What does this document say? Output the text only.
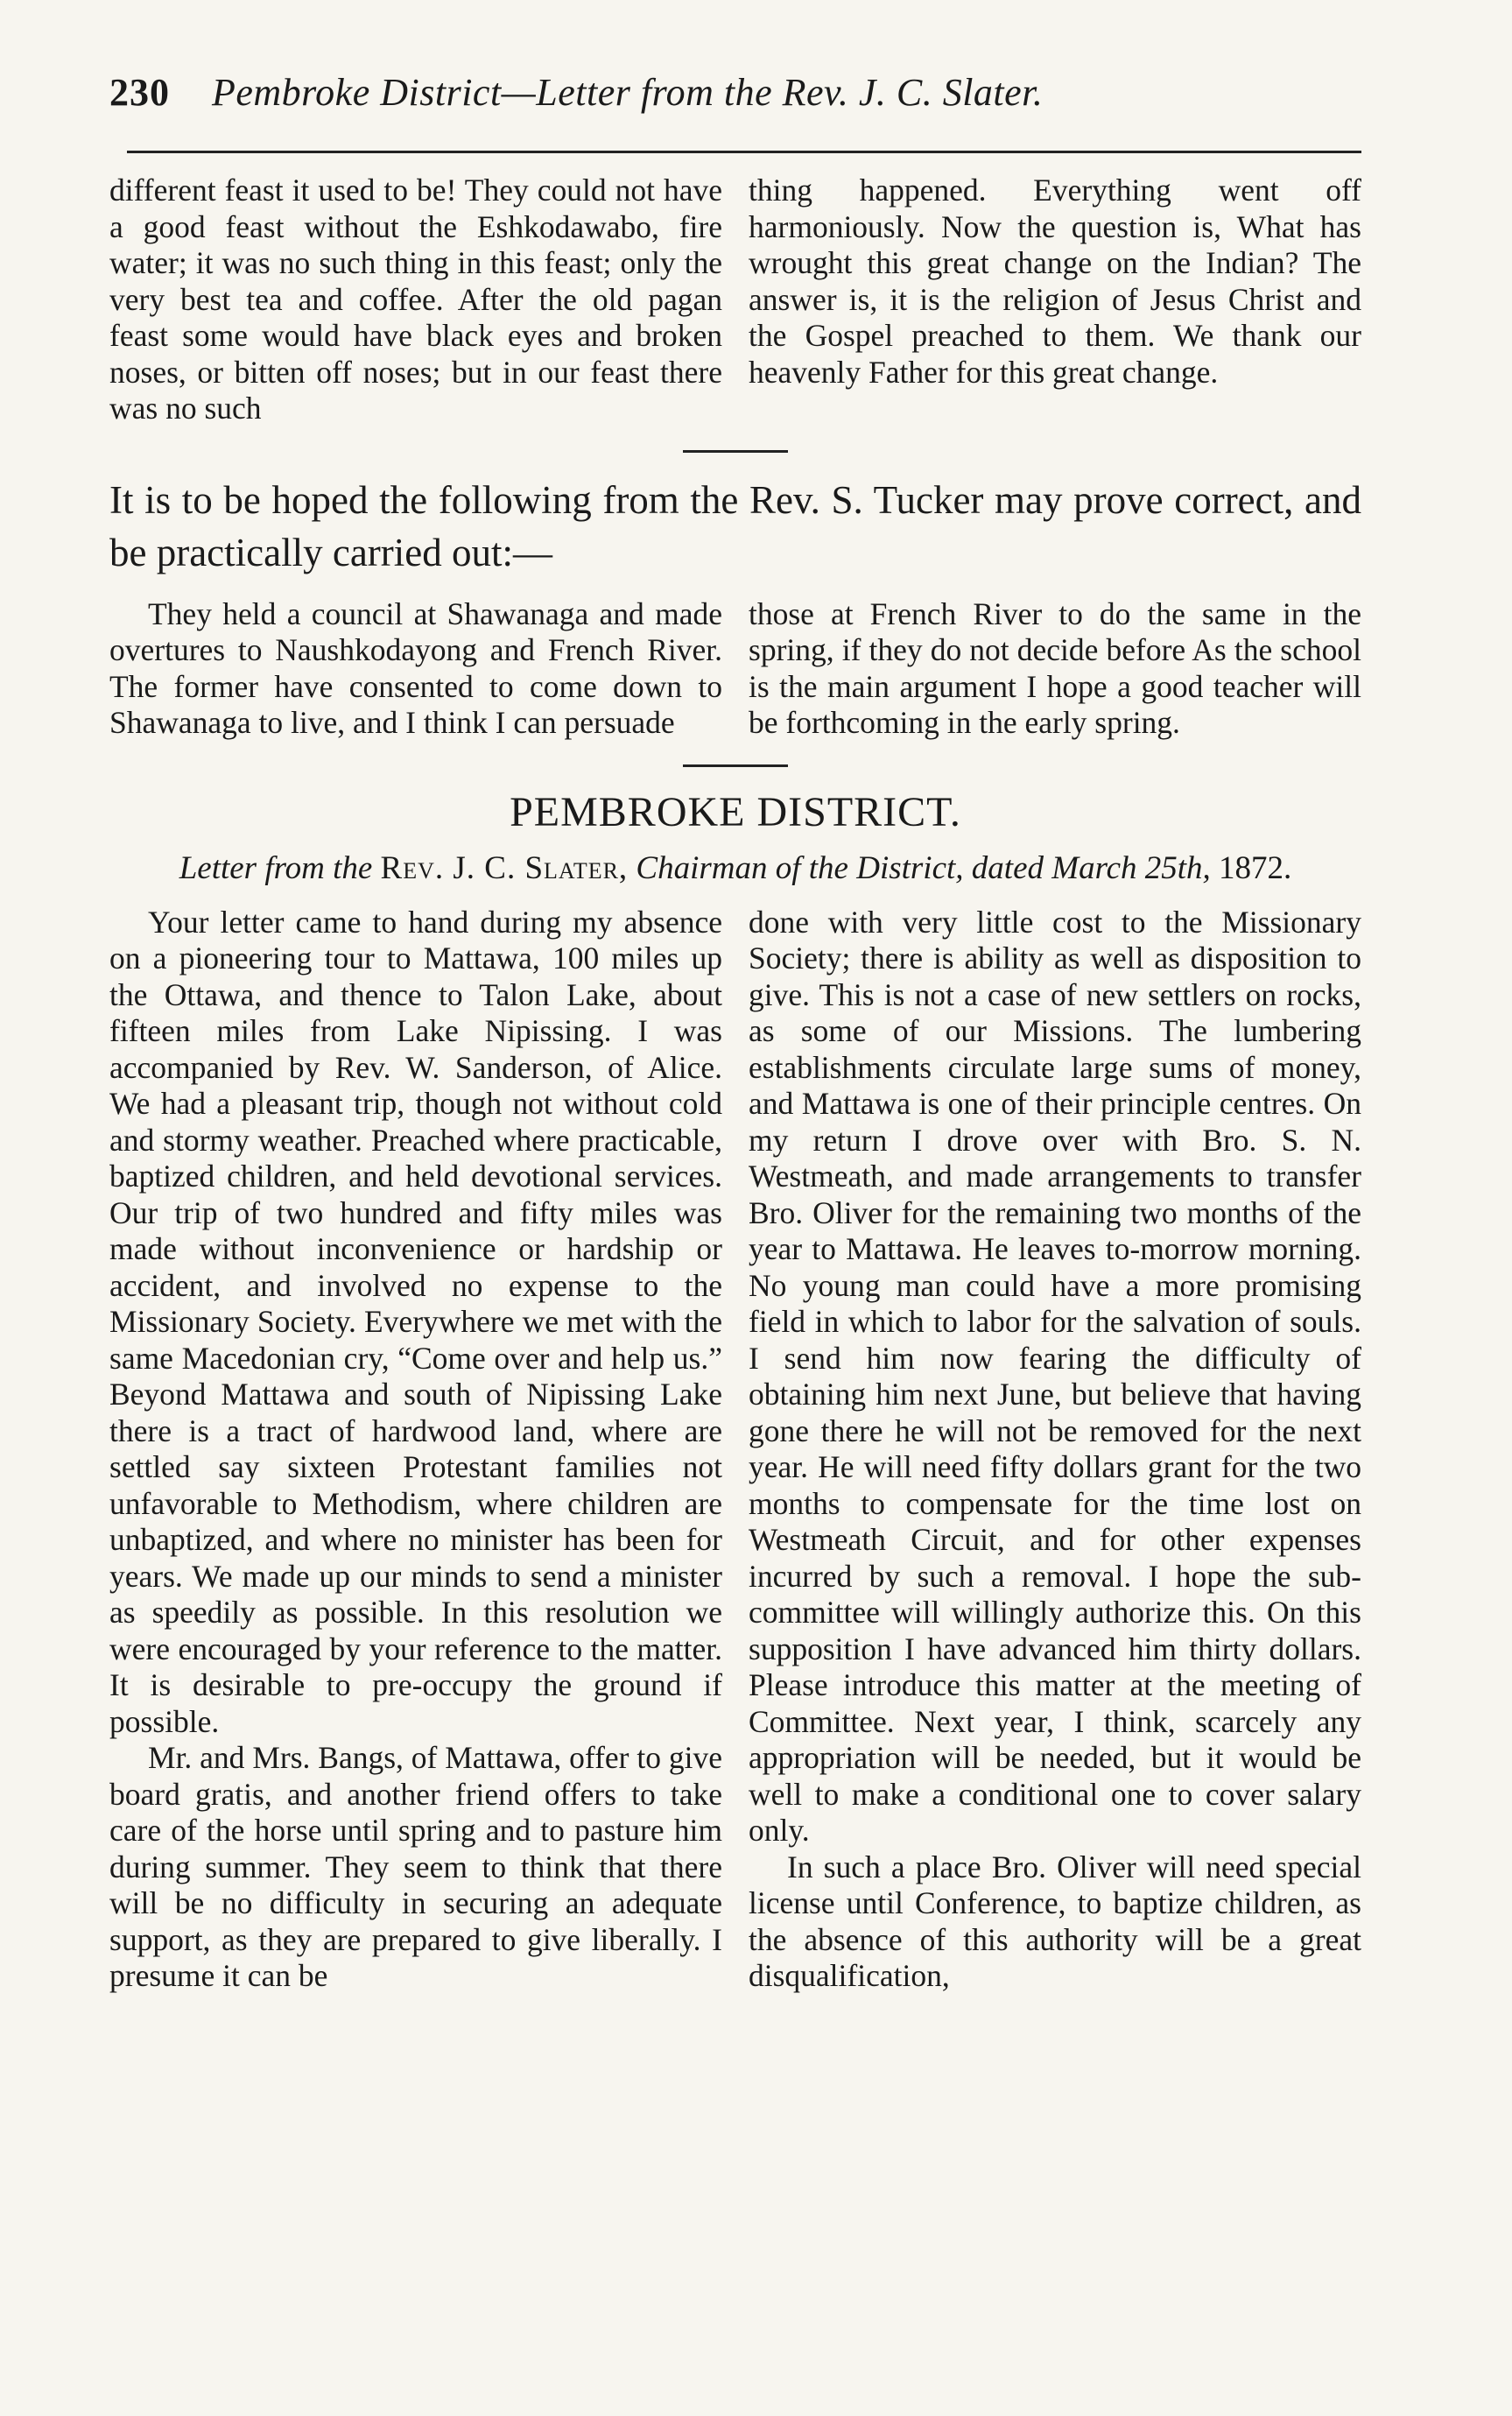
230 Pembroke District—Letter from the Rev. J. C. Slater.

different feast it used to be! They could not have a good feast without the Eshkodawabo, fire water; it was no such thing in this feast; only the very best tea and coffee. After the old pagan feast some would have black eyes and broken noses, or bitten off noses; but in our feast there was no such

thing happened. Everything went off harmoniously. Now the question is, What has wrought this great change on the Indian? The answer is, it is the religion of Jesus Christ and the Gospel preached to them. We thank our heavenly Father for this great change.

It is to be hoped the following from the Rev. S. Tucker may prove correct, and be practically carried out:—

They held a council at Shawanaga and made overtures to Naushkodayong and French River. The former have consented to come down to Shawanaga to live, and I think I can persuade

those at French River to do the same in the spring, if they do not decide before As the school is the main argument I hope a good teacher will be forthcoming in the early spring.

PEMBROKE DISTRICT.

Letter from the Rev. J. C. Slater, Chairman of the District, dated March 25th, 1872.

Your letter came to hand during my absence on a pioneering tour to Mattawa, 100 miles up the Ottawa, and thence to Talon Lake, about fifteen miles from Lake Nipissing. I was accompanied by Rev. W. Sanderson, of Alice. We had a pleasant trip, though not without cold and stormy weather. Preached where practicable, baptized children, and held devotional services. Our trip of two hundred and fifty miles was made without inconvenience or hardship or accident, and involved no expense to the Missionary Society. Everywhere we met with the same Macedonian cry, “Come over and help us.” Beyond Mattawa and south of Nipissing Lake there is a tract of hardwood land, where are settled say sixteen Protestant families not unfavorable to Methodism, where children are unbaptized, and where no minister has been for years. We made up our minds to send a minister as speedily as possible. In this resolution we were encouraged by your reference to the matter. It is desirable to pre-occupy the ground if possible.

Mr. and Mrs. Bangs, of Mattawa, offer to give board gratis, and another friend offers to take care of the horse until spring and to pasture him during summer. They seem to think that there will be no difficulty in securing an adequate support, as they are prepared to give liberally. I presume it can be

done with very little cost to the Missionary Society; there is ability as well as disposition to give. This is not a case of new settlers on rocks, as some of our Missions. The lumbering establishments circulate large sums of money, and Mattawa is one of their principle centres. On my return I drove over with Bro. S. N. Westmeath, and made arrangements to transfer Bro. Oliver for the remaining two months of the year to Mattawa. He leaves to-morrow morning. No young man could have a more promising field in which to labor for the salvation of souls. I send him now fearing the difficulty of obtaining him next June, but believe that having gone there he will not be removed for the next year. He will need fifty dollars grant for the two months to compensate for the time lost on Westmeath Circuit, and for other expenses incurred by such a removal. I hope the sub-committee will willingly authorize this. On this supposition I have advanced him thirty dollars. Please introduce this matter at the meeting of Committee. Next year, I think, scarcely any appropriation will be needed, but it would be well to make a conditional one to cover salary only.

In such a place Bro. Oliver will need special license until Conference, to baptize children, as the absence of this authority will be a great disqualification,
